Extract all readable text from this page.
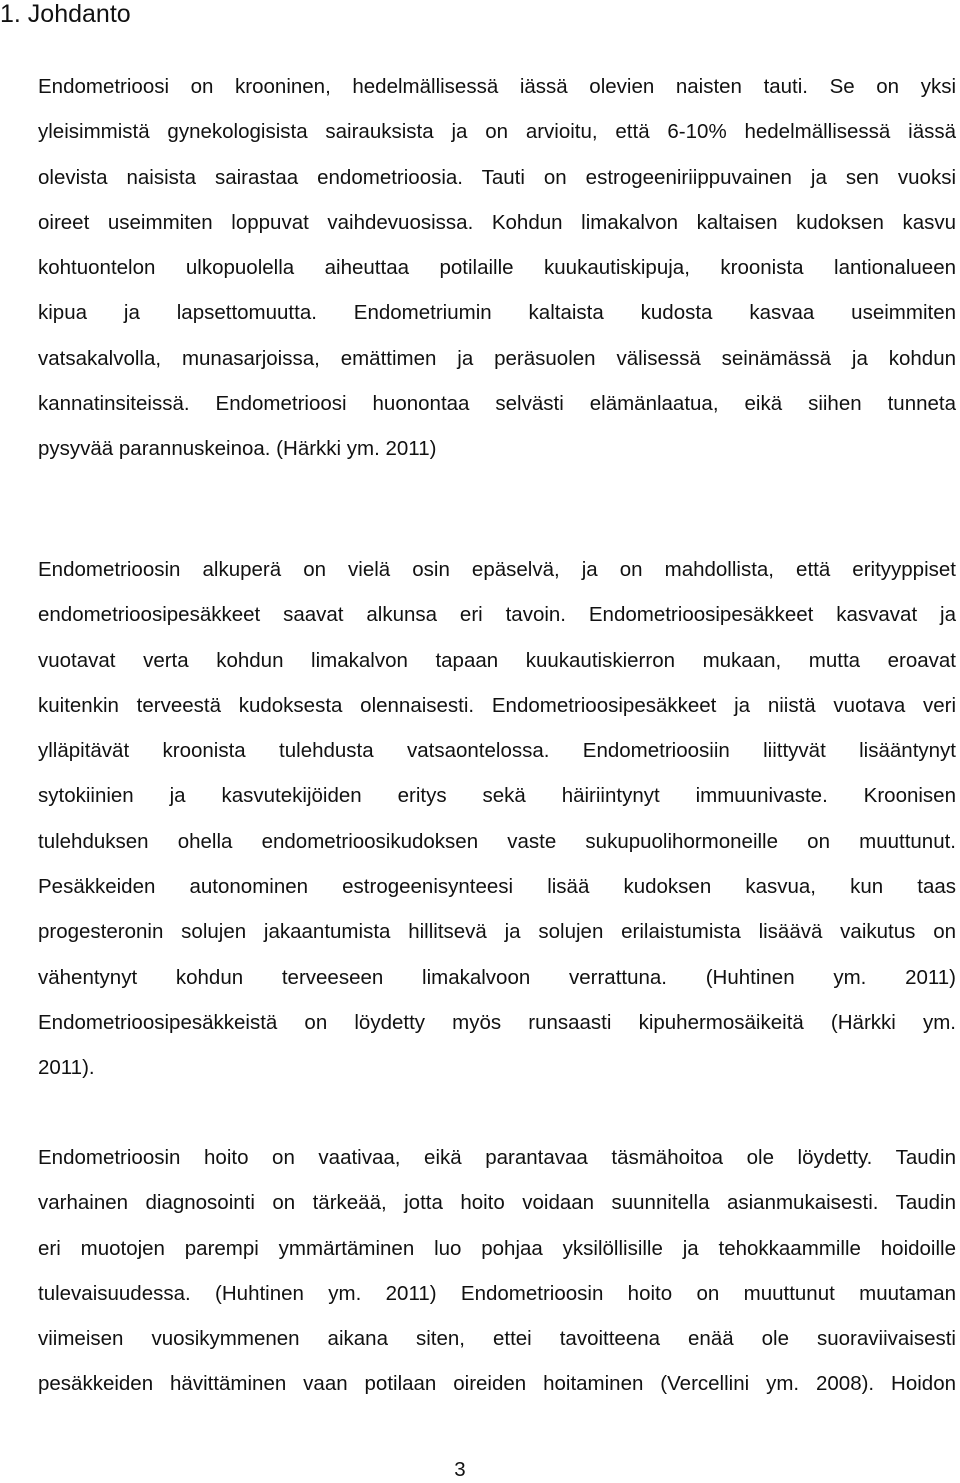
1. Johdanto
Endometrioosi on krooninen, hedelmällisessä iässä olevien naisten tauti. Se on yksi
yleisimmistä gynekologisista sairauksista ja on arvioitu, että 6-10% hedelmällisessä iässä
olevista naisista sairastaa endometrioosia. Tauti on estrogeeniriippuvainen ja sen vuoksi
oireet useimmiten loppuvat vaihdevuosissa. Kohdun limakalvon kaltaisen kudoksen kasvu
kohtuontelon ulkopuolella aiheuttaa potilaille kuukautiskipuja, kroonista lantionalueen
kipua ja lapsettomuutta. Endometriumin kaltaista kudosta kasvaa useimmiten
vatsakalvolla, munasarjoissa, emättimen ja peräsuolen välisessä seinämässä ja kohdun
kannatinsiteissä. Endometrioosi huonontaa selvästi elämänlaatua, eikä siihen tunneta
pysyvää parannuskeinoa. (Härkki ym. 2011)
Endometrioosin alkuperä on vielä osin epäselvä, ja on mahdollista, että erityyppiset
endometrioosipesäkkeet saavat alkunsa eri tavoin. Endometrioosipesäkkeet kasvavat ja
vuotavat verta kohdun limakalvon tapaan kuukautiskierron mukaan, mutta eroavat
kuitenkin terveestä kudoksesta olennaisesti. Endometrioosipesäkkeet ja niistä vuotava veri
ylläpitävät kroonista tulehdusta vatsaontelossa. Endometrioosiin liittyvät lisääntynyt
sytokiinien ja kasvutekijöiden eritys sekä häiriintynyt immuunivaste. Kroonisen
tulehduksen ohella endometrioosikudoksen vaste sukupuolihormoneille on muuttunut.
Pesäkkeiden autonominen estrogeenisynteesi lisää kudoksen kasvua, kun taas
progesteronin solujen jakaantumista hillitsevä ja solujen erilaistumista lisäävä vaikutus on
vähentynyt kohdun terveeseen limakalvoon verrattuna. (Huhtinen ym. 2011)
Endometrioosipesäkkeistä on löydetty myös runsaasti kipuhermosäikeitä (Härkki ym.
2011).
Endometrioosin hoito on vaativaa, eikä parantavaa täsmähoitoa ole löydetty. Taudin
varhainen diagnosointi on tärkeää, jotta hoito voidaan suunnitella asianmukaisesti. Taudin
eri muotojen parempi ymmärtäminen luo pohjaa yksilöllisille ja tehokkaammille hoidoille
tulevaisuudessa. (Huhtinen ym. 2011) Endometrioosin hoito on muuttunut muutaman
viimeisen vuosikymmenen aikana siten, ettei tavoitteena enää ole suoraviivaisesti
pesäkkeiden hävittäminen vaan potilaan oireiden hoitaminen (Vercellini ym. 2008). Hoidon
3
